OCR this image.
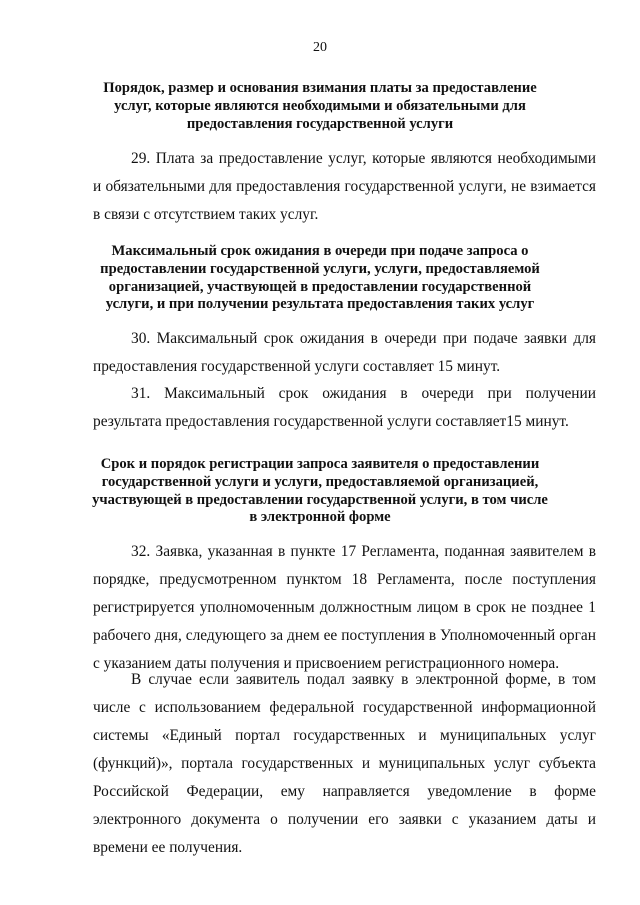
20
Порядок, размер и основания взимания платы за предоставление услуг, которые являются необходимыми и обязательными для предоставления государственной услуги

29. Плата за предоставление услуг, которые являются необходимыми и обязательными для предоставления государственной услуги, не взимается в связи с отсутствием таких услуг.

Максимальный срок ожидания в очереди при подаче запроса о предоставлении государственной услуги, услуги, предоставляемой организацией, участвующей в предоставлении государственной услуги, и при получении результата предоставления таких услуг

30. Максимальный срок ожидания в очереди при подаче заявки для предоставления государственной услуги составляет 15 минут.

31. Максимальный срок ожидания в очереди при получении результата предоставления государственной услуги составляет15 минут.

Срок и порядок регистрации запроса заявителя о предоставлении государственной услуги и услуги, предоставляемой организацией, участвующей в предоставлении государственной услуги, в том числе в электронной форме

32. Заявка, указанная в пункте 17 Регламента, поданная заявителем в порядке, предусмотренном пунктом 18 Регламента, после поступления регистрируется уполномоченным должностным лицом в срок не позднее 1 рабочего дня, следующего за днем ее поступления в Уполномоченный орган с указанием даты получения и присвоением регистрационного номера.

В случае если заявитель подал заявку в электронной форме, в том числе с использованием федеральной государственной информационной системы «Единый портал государственных и муниципальных услуг (функций)», портала государственных и муниципальных услуг субъекта Российской Федерации, ему направляется уведомление в форме электронного документа о получении его заявки с указанием даты и времени ее получения.
